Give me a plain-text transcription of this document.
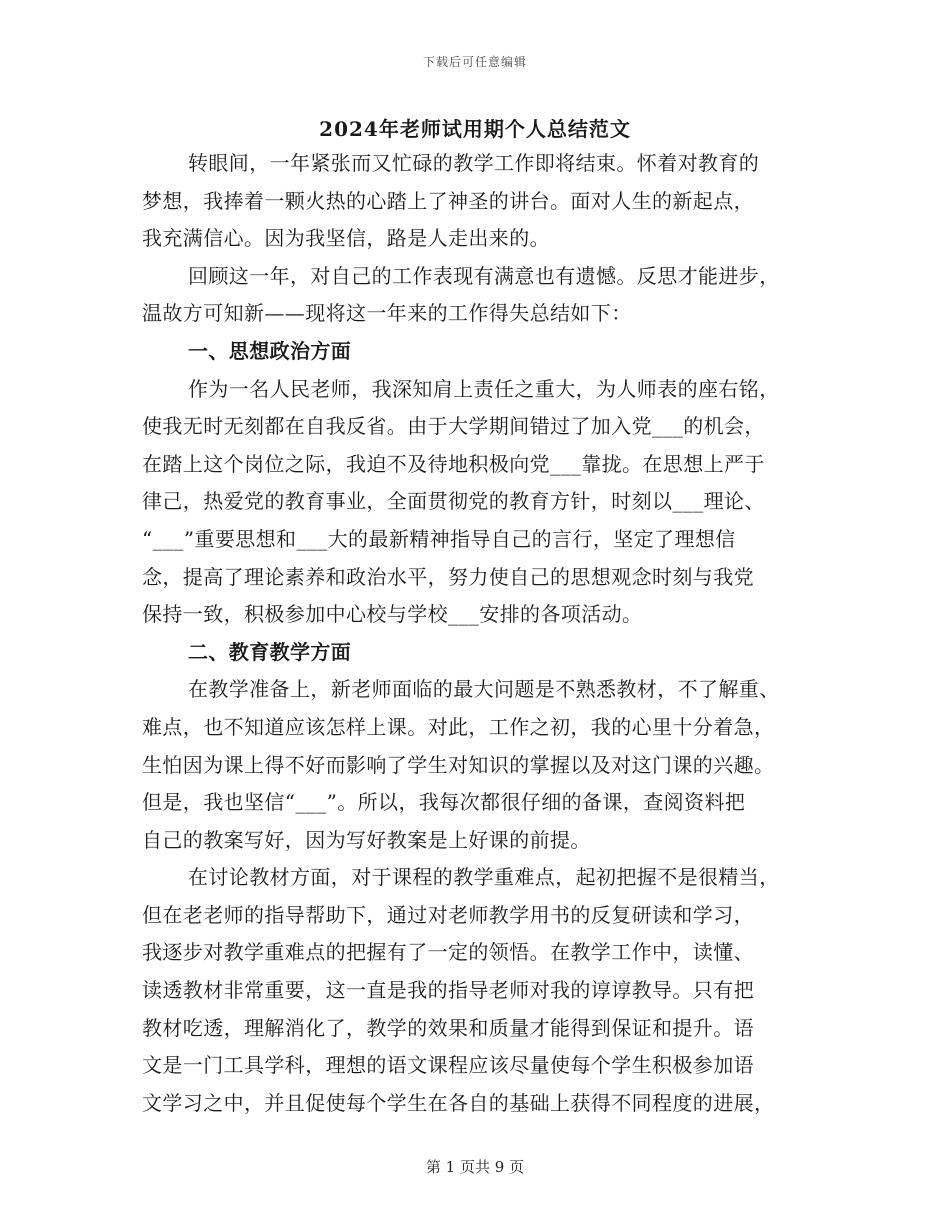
下载后可任意编辑
2024年老师试用期个人总结范文
转眼间，一年紧张而又忙碌的教学工作即将结束。怀着对教育的
梦想，我捧着一颗火热的心踏上了神圣的讲台。面对人生的新起点，
我充满信心。因为我坚信，路是人走出来的。
回顾这一年，对自己的工作表现有满意也有遗憾。反思才能进步，
温故方可知新——现将这一年来的工作得失总结如下：
一、思想政治方面
作为一名人民老师，我深知肩上责任之重大，为人师表的座右铭，
使我无时无刻都在自我反省。由于大学期间错过了加入党___的机会，
在踏上这个岗位之际，我迫不及待地积极向党___靠拢。在思想上严于
律己，热爱党的教育事业，全面贯彻党的教育方针，时刻以___理论、
“___”重要思想和___大的最新精神指导自己的言行，坚定了理想信
念，提高了理论素养和政治水平，努力使自己的思想观念时刻与我党
保持一致，积极参加中心校与学校___安排的各项活动。
二、教育教学方面
在教学准备上，新老师面临的最大问题是不熟悉教材，不了解重、
难点，也不知道应该怎样上课。对此，工作之初，我的心里十分着急，
生怕因为课上得不好而影响了学生对知识的掌握以及对这门课的兴趣。
但是，我也坚信“___”。所以，我每次都很仔细的备课，查阅资料把
自己的教案写好，因为写好教案是上好课的前提。
在讨论教材方面，对于课程的教学重难点，起初把握不是很精当，
但在老老师的指导帮助下，通过对老师教学用书的反复研读和学习，
我逐步对教学重难点的把握有了一定的领悟。在教学工作中，读懂、
读透教材非常重要，这一直是我的指导老师对我的谆谆教导。只有把
教材吃透，理解消化了，教学的效果和质量才能得到保证和提升。语
文是一门工具学科，理想的语文课程应该尽量使每个学生积极参加语
文学习之中，并且促使每个学生在各自的基础上获得不同程度的进展，
第 1 页共 9 页
